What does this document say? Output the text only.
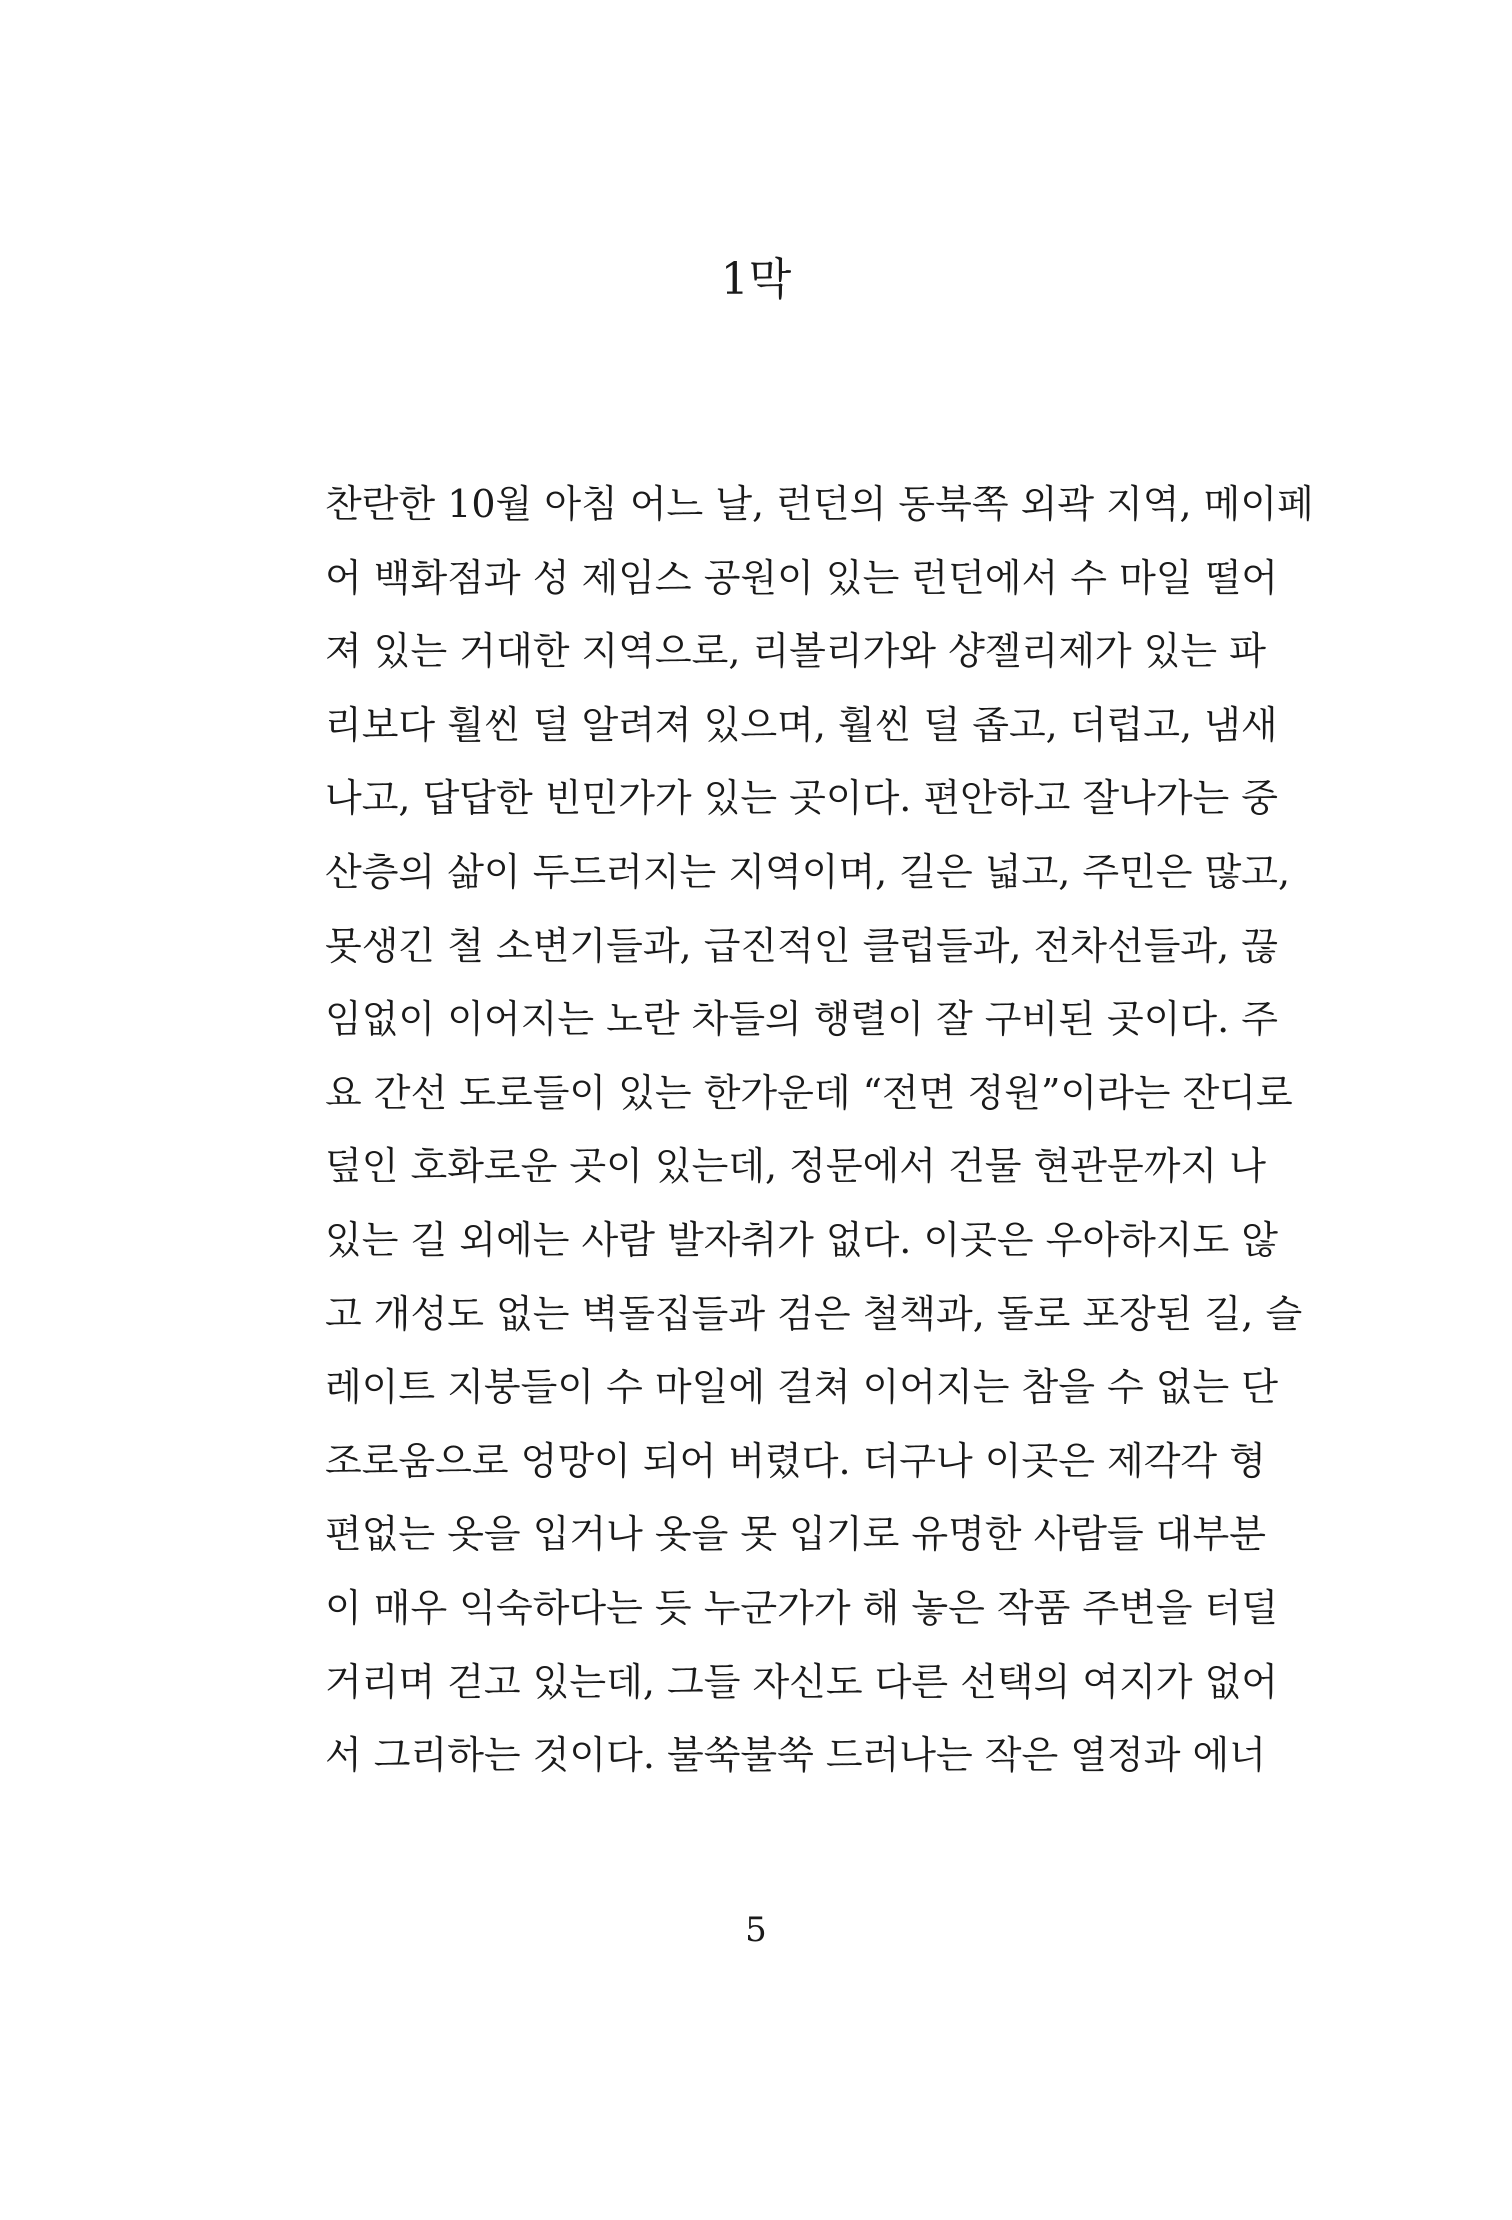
1막
찬란한 10월 아침 어느 날, 런던의 동북쪽 외곽 지역, 메이페
어 백화점과 성 제임스 공원이 있는 런던에서 수 마일 떨어
져 있는 거대한 지역으로, 리볼리가와 샹젤리제가 있는 파
리보다 훨씬 덜 알려져 있으며, 훨씬 덜 좁고, 더럽고, 냄새
나고, 답답한 빈민가가 있는 곳이다. 편안하고 잘나가는 중
산층의 삶이 두드러지는 지역이며, 길은 넓고, 주민은 많고,
못생긴 철 소변기들과, 급진적인 클럽들과, 전차선들과, 끊
임없이 이어지는 노란 차들의 행렬이 잘 구비된 곳이다. 주
요 간선 도로들이 있는 한가운데 “전면 정원”이라는 잔디로
덮인 호화로운 곳이 있는데, 정문에서 건물 현관문까지 나
있는 길 외에는 사람 발자취가 없다. 이곳은 우아하지도 않
고 개성도 없는 벽돌집들과 검은 철책과, 돌로 포장된 길, 슬
레이트 지붕들이 수 마일에 걸쳐 이어지는 참을 수 없는 단
조로움으로 엉망이 되어 버렸다. 더구나 이곳은 제각각 형
편없는 옷을 입거나 옷을 못 입기로 유명한 사람들 대부분
이 매우 익숙하다는 듯 누군가가 해 놓은 작품 주변을 터덜
거리며 걷고 있는데, 그들 자신도 다른 선택의 여지가 없어
서 그리하는 것이다. 불쑥불쑥 드러나는 작은 열정과 에너
5
